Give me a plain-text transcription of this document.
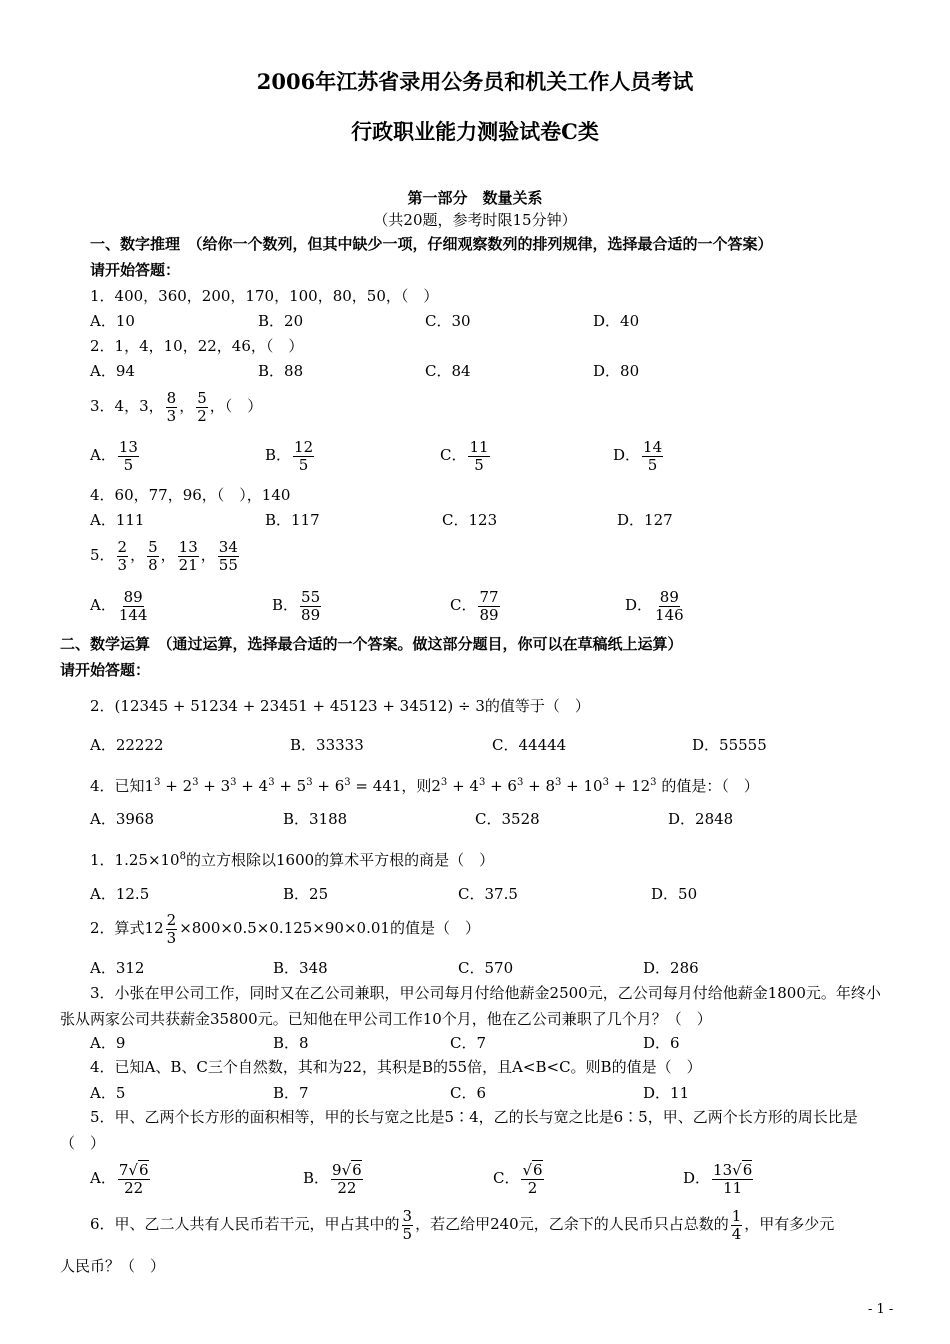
2006年江苏省录用公务员和机关工作人员考试
行政职业能力测验试卷C类
第一部分　数量关系
（共20题，参考时限15分钟）
一、数字推理　（给你一个数列，但其中缺少一项，仔细观察数列的排列规律，选择最合适的一个答案）
请开始答题：
1．400，360，200，170，100，80，50，（　）
A．10	B．20	C．30	D．40
2．1，4，10，22，46，（　）
A．94	B．88	C．84	D．80
3．4，3， $\frac{8}{3}$ ， $\frac{5}{2}$ ，（　）
A． $\frac{13}{5}$	B． $\frac{12}{5}$	C． $\frac{11}{5}$	D． $\frac{14}{5}$
4．60，77，96，（　），140
A．111	B．117	C．123	D．127
5． $\frac{2}{3}$ ， $\frac{5}{8}$ ， $\frac{13}{21}$ ， $\frac{34}{55}$
A． $\frac{89}{144}$	B． $\frac{55}{89}$	C． $\frac{77}{89}$	D． $\frac{89}{146}$
二、数学运算　（通过运算，选择最合适的一个答案。做这部分题目，你可以在草稿纸上运算）
请开始答题：
2．(12345 + 51234 + 23451 + 45123 + 34512) ÷ 3的值等于（　）
A．22222	B．33333	C．44444	D．55555
4．已知$1^3 + 2^3 + 3^3 + 4^3 + 5^3 + 6^3 = 441$，则$2^3 + 4^3 + 6^3 + 8^3 + 10^3 + 12^3$ 的值是：（　）
A．3968	B．3188	C．3528	D．2848
1．$1.25\times 10^8$的立方根除以1600的算术平方根的商是（　）
A．12.5	B．25	C．37.5	D．50
2．算式$12 \frac{2}{3} \times 800\times 0.5\times 0.125\times 90\times 0.01$的值是（　）
A．312	B．348	C．570	D．286
3．小张在甲公司工作，同时又在乙公司兼职，甲公司每月付给他薪金2500元，乙公司每月付给他薪金1800元。年终小张从两家公司共获薪金35800元。已知他在甲公司工作10个月，他在乙公司兼职了几个月？（　）
A．9	B．8	C．7	D．6
4．已知A、B、C三个自然数，其和为22，其积是B的55倍，且A<B<C。则B的值是（　）
A．5	B．7	C．6	D．11
5．甲、乙两个长方形的面积相等，甲的长与宽之比是5∶4，乙的长与宽之比是6∶5，甲、乙两个长方形的周长比是（　）
A． $\frac{7√6}{22}$	B． $\frac{9√6}{22}$	C． $\frac{√6}{2}$	D． $\frac{13√6}{11}$
6．甲、乙二人共有人民币若干元，甲占其中的 $\frac{3}{5}$ ，若乙给甲240元，乙余下的人民币只占总数的 $\frac{1}{4}$ ，甲有多少元
人民币？（　）
- 1 -
